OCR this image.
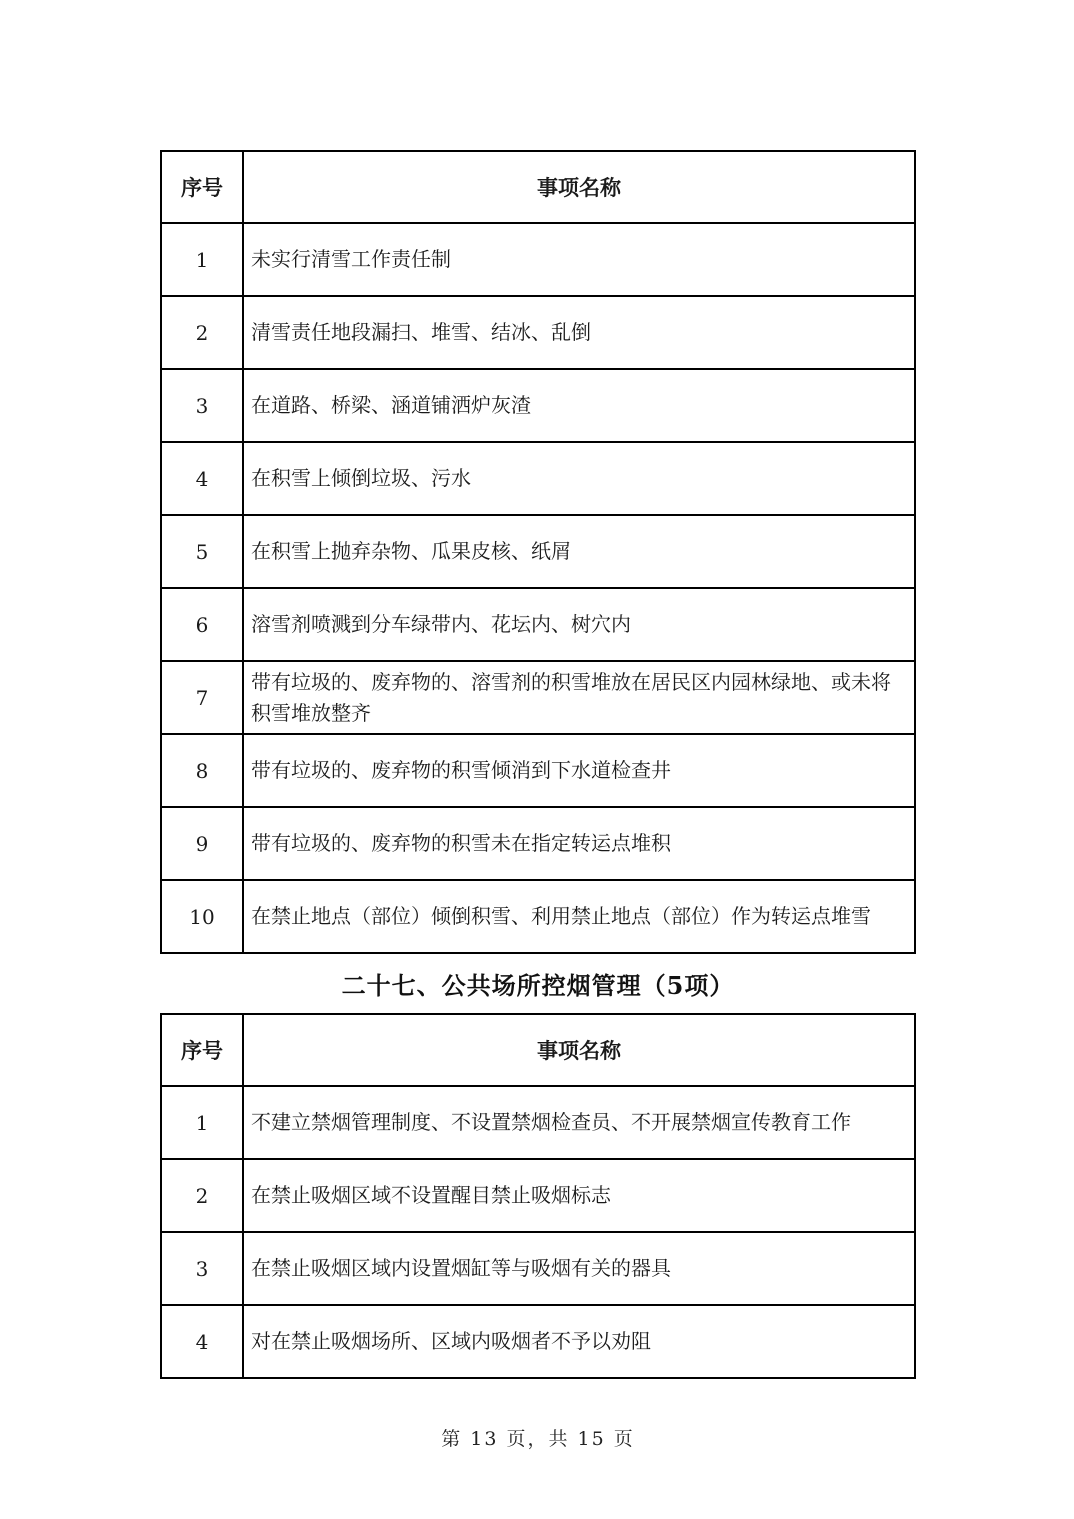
序号	事项名称
1	未实行清雪工作责任制
2	清雪责任地段漏扫、堆雪、结冰、乱倒
3	在道路、桥梁、涵道铺洒炉灰渣
4	在积雪上倾倒垃圾、污水
5	在积雪上抛弃杂物、瓜果皮核、纸屑
6	溶雪剂喷溅到分车绿带内、花坛内、树穴内
7	带有垃圾的、废弃物的、溶雪剂的积雪堆放在居民区内园林绿地、或未将积雪堆放整齐
8	带有垃圾的、废弃物的积雪倾消到下水道检查井
9	带有垃圾的、废弃物的积雪未在指定转运点堆积
10	在禁止地点（部位）倾倒积雪、利用禁止地点（部位）作为转运点堆雪
二十七、公共场所控烟管理（5项）
序号	事项名称
1	不建立禁烟管理制度、不设置禁烟检查员、不开展禁烟宣传教育工作
2	在禁止吸烟区域不设置醒目禁止吸烟标志
3	在禁止吸烟区域内设置烟缸等与吸烟有关的器具
4	对在禁止吸烟场所、区域内吸烟者不予以劝阻
第 13 页，共 15 页
